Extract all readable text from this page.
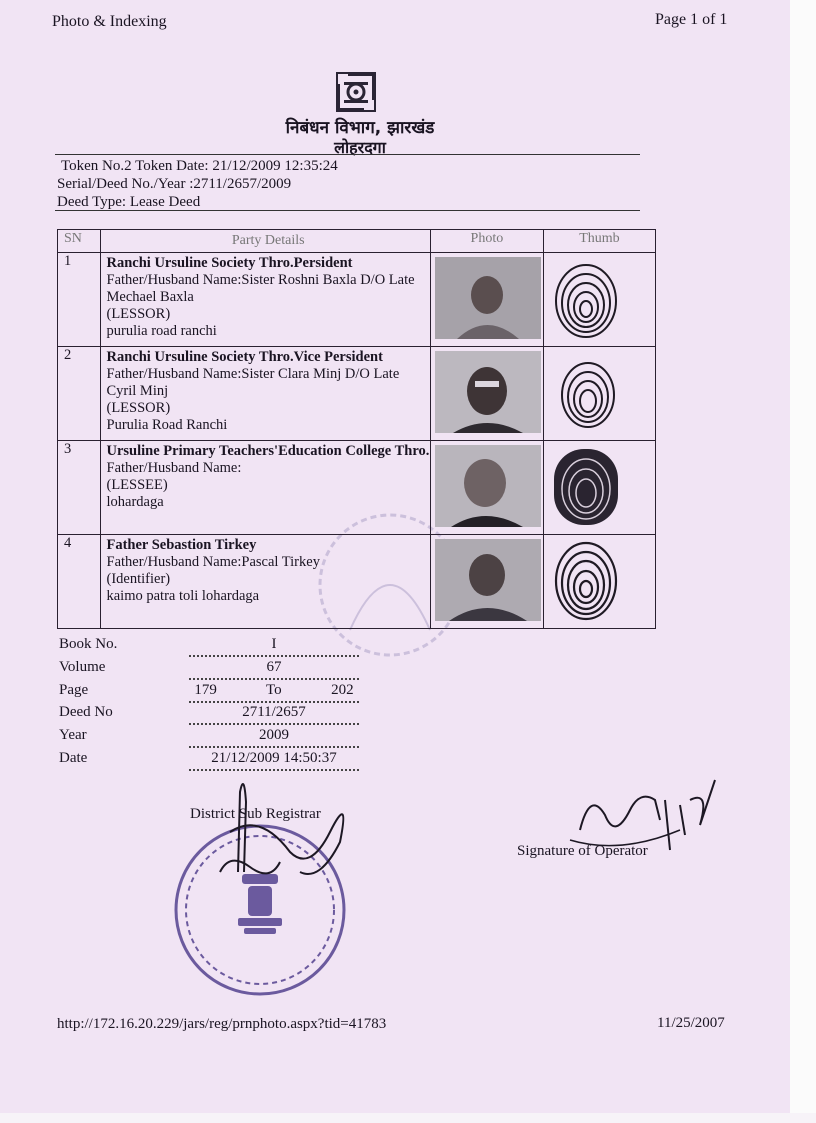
Photo & Indexing	Page 1 of 1
निबंधन विभाग, झारखंड
लोहरदगा
Token No.2 Token Date: 21/12/2009 12:35:24
Serial/Deed No./Year :2711/2657/2009
Deed Type: Lease Deed
SN	Party Details	Photo	Thumb
1	Ranchi Ursuline Society Thro.Persident
Father/Husband Name:Sister Roshni Baxla D/O Late Mechael Baxla
(LESSOR)
purulia road ranchi

2	Ranchi Ursuline Society Thro.Vice Persident
Father/Husband Name:Sister Clara Minj D/O Late Cyril Minj
(LESSOR)
Purulia Road Ranchi

3	Ursuline Primary Teachers'Education College Thro.
Father/Husband Name:
(LESSEE)
lohardaga

4	Father Sebastion Tirkey
Father/Husband Name:Pascal Tirkey
(Identifier)
kaimo patra toli lohardaga

Book No.	I
Volume	67
Page	179	To	202
Deed No	2711/2657
Year	2009
Date	21/12/2009 14:50:37
District Sub Registrar
Signature of Operator
http://172.16.20.229/jars/reg/prnphoto.aspx?tid=41783	11/25/2007
